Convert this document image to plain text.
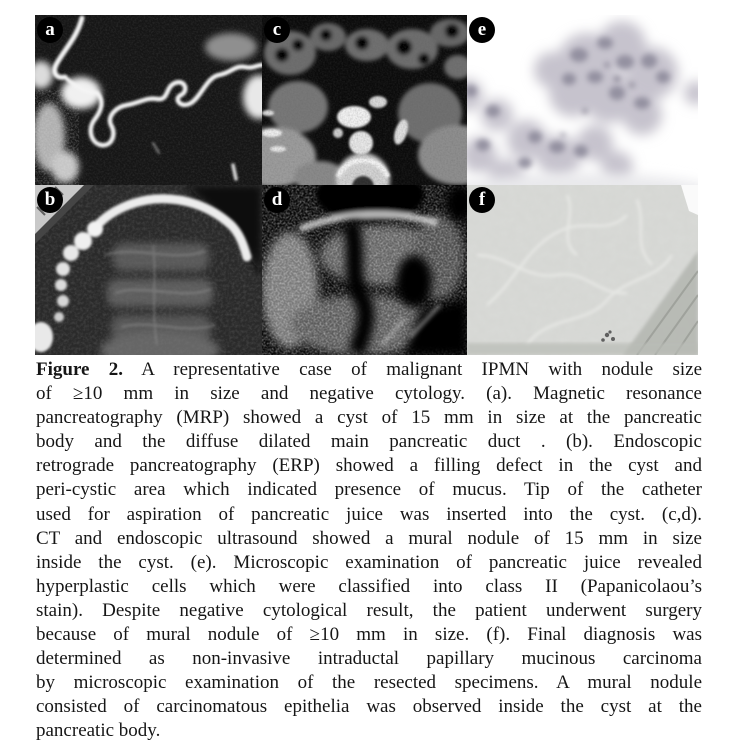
a
b
c
d
e
f
Figure 2. A representative case of malignant IPMN with nodule size
of ≥10 mm in size and negative cytology. (a). Magnetic resonance
pancreatography (MRP) showed a cyst of 15 mm in size at the pancreatic
body and the diffuse dilated main pancreatic duct . (b). Endoscopic
retrograde pancreatography (ERP) showed a filling defect in the cyst and
peri-cystic area which indicated presence of mucus. Tip of the catheter
used for aspiration of pancreatic juice was inserted into the cyst. (c,d).
CT and endoscopic ultrasound showed a mural nodule of 15 mm in size
inside the cyst. (e). Microscopic examination of pancreatic juice revealed
hyperplastic cells which were classified into class II (Papanicolaou’s
stain). Despite negative cytological result, the patient underwent surgery
because of mural nodule of ≥10 mm in size. (f). Final diagnosis was
determined as non-invasive intraductal papillary mucinous carcinoma
by microscopic examination of the resected specimens. A mural nodule
consisted of carcinomatous epithelia was observed inside the cyst at the
pancreatic body.
